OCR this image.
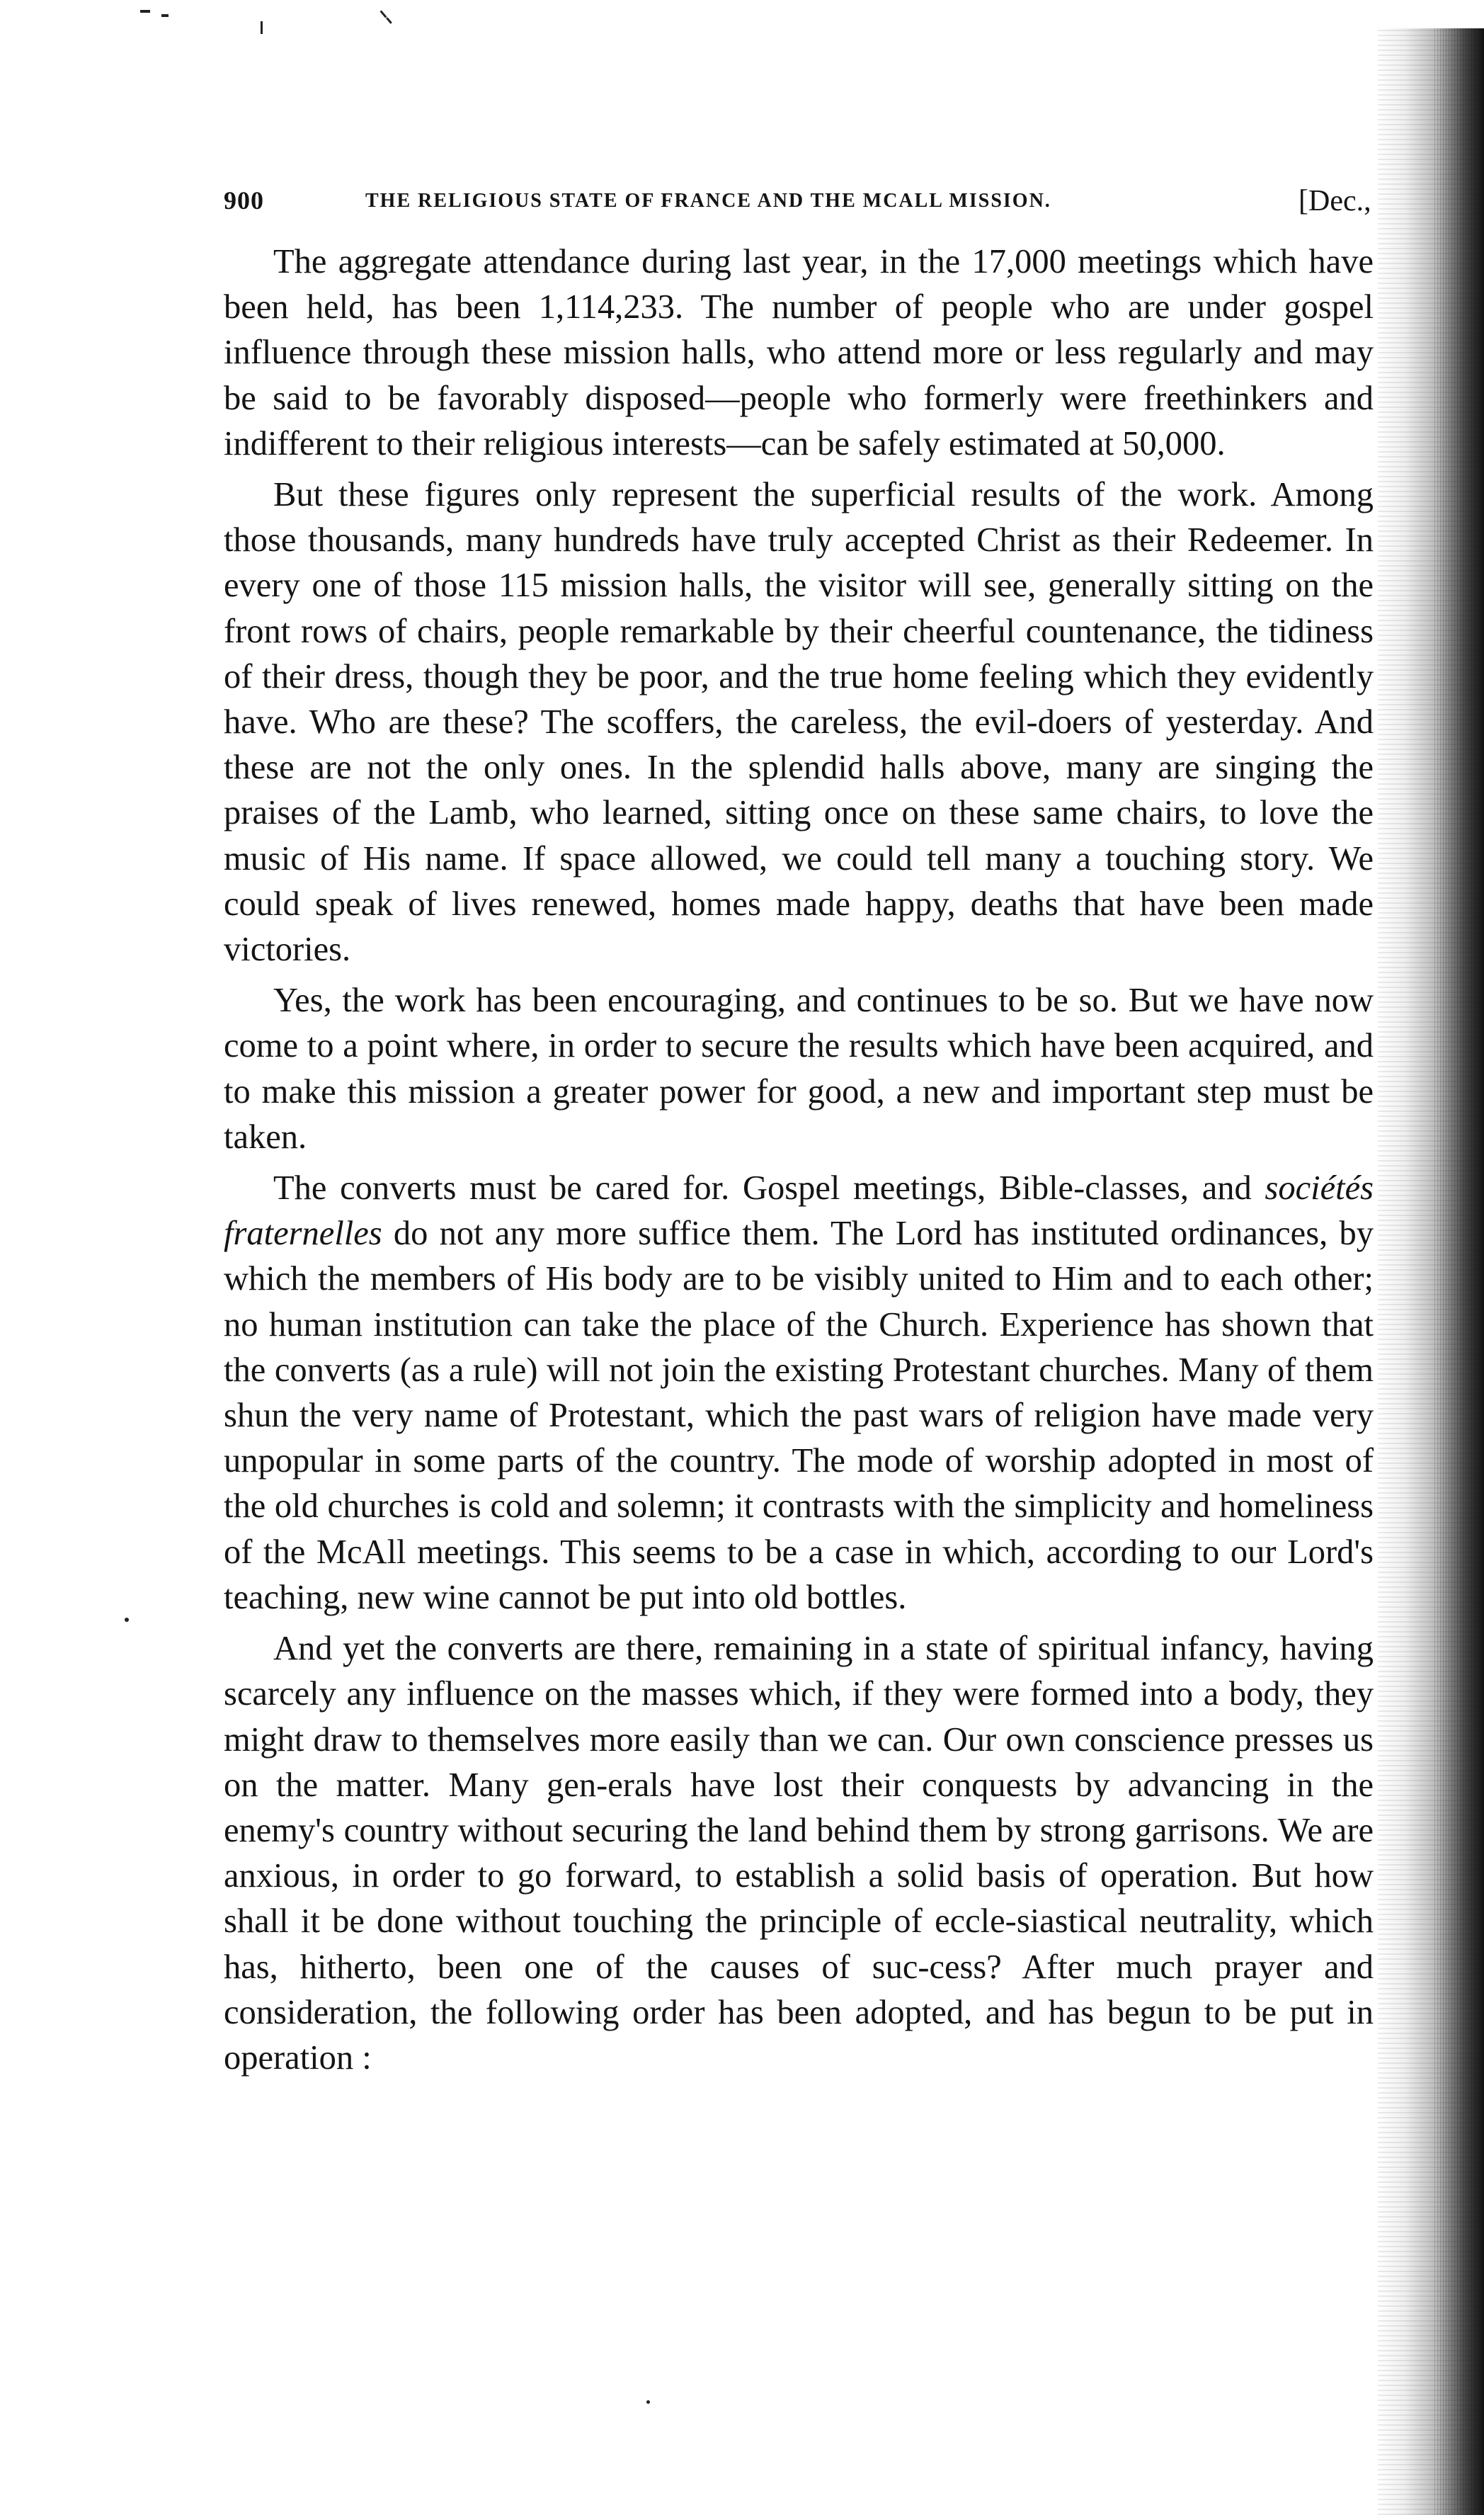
900	THE RELIGIOUS STATE OF FRANCE AND THE MCALL MISSION.	[Dec.,

The aggregate attendance during last year, in the 17,000 meetings which have been held, has been 1,114,233. The number of people who are under gospel influence through these mission halls, who attend more or less regularly and may be said to be favorably disposed—people who formerly were freethinkers and indifferent to their religious interests—can be safely estimated at 50,000.

But these figures only represent the superficial results of the work. Among those thousands, many hundreds have truly accepted Christ as their Redeemer. In every one of those 115 mission halls, the visitor will see, generally sitting on the front rows of chairs, people remarkable by their cheerful countenance, the tidiness of their dress, though they be poor, and the true home feeling which they evidently have. Who are these? The scoffers, the careless, the evil-doers of yesterday. And these are not the only ones. In the splendid halls above, many are singing the praises of the Lamb, who learned, sitting once on these same chairs, to love the music of His name. If space allowed, we could tell many a touching story. We could speak of lives renewed, homes made happy, deaths that have been made victories.

Yes, the work has been encouraging, and continues to be so. But we have now come to a point where, in order to secure the results which have been acquired, and to make this mission a greater power for good, a new and important step must be taken.

The converts must be cared for. Gospel meetings, Bible-classes, and sociétés fraternelles do not any more suffice them. The Lord has instituted ordinances, by which the members of His body are to be visibly united to Him and to each other; no human institution can take the place of the Church. Experience has shown that the converts (as a rule) will not join the existing Protestant churches. Many of them shun the very name of Protestant, which the past wars of religion have made very unpopular in some parts of the country. The mode of worship adopted in most of the old churches is cold and solemn; it contrasts with the simplicity and homeliness of the McAll meetings. This seems to be a case in which, according to our Lord's teaching, new wine cannot be put into old bottles.

And yet the converts are there, remaining in a state of spiritual infancy, having scarcely any influence on the masses which, if they were formed into a body, they might draw to themselves more easily than we can. Our own conscience presses us on the matter. Many gen-erals have lost their conquests by advancing in the enemy's country without securing the land behind them by strong garrisons. We are anxious, in order to go forward, to establish a solid basis of operation. But how shall it be done without touching the principle of eccle-siastical neutrality, which has, hitherto, been one of the causes of suc-cess? After much prayer and consideration, the following order has been adopted, and has begun to be put in operation :
